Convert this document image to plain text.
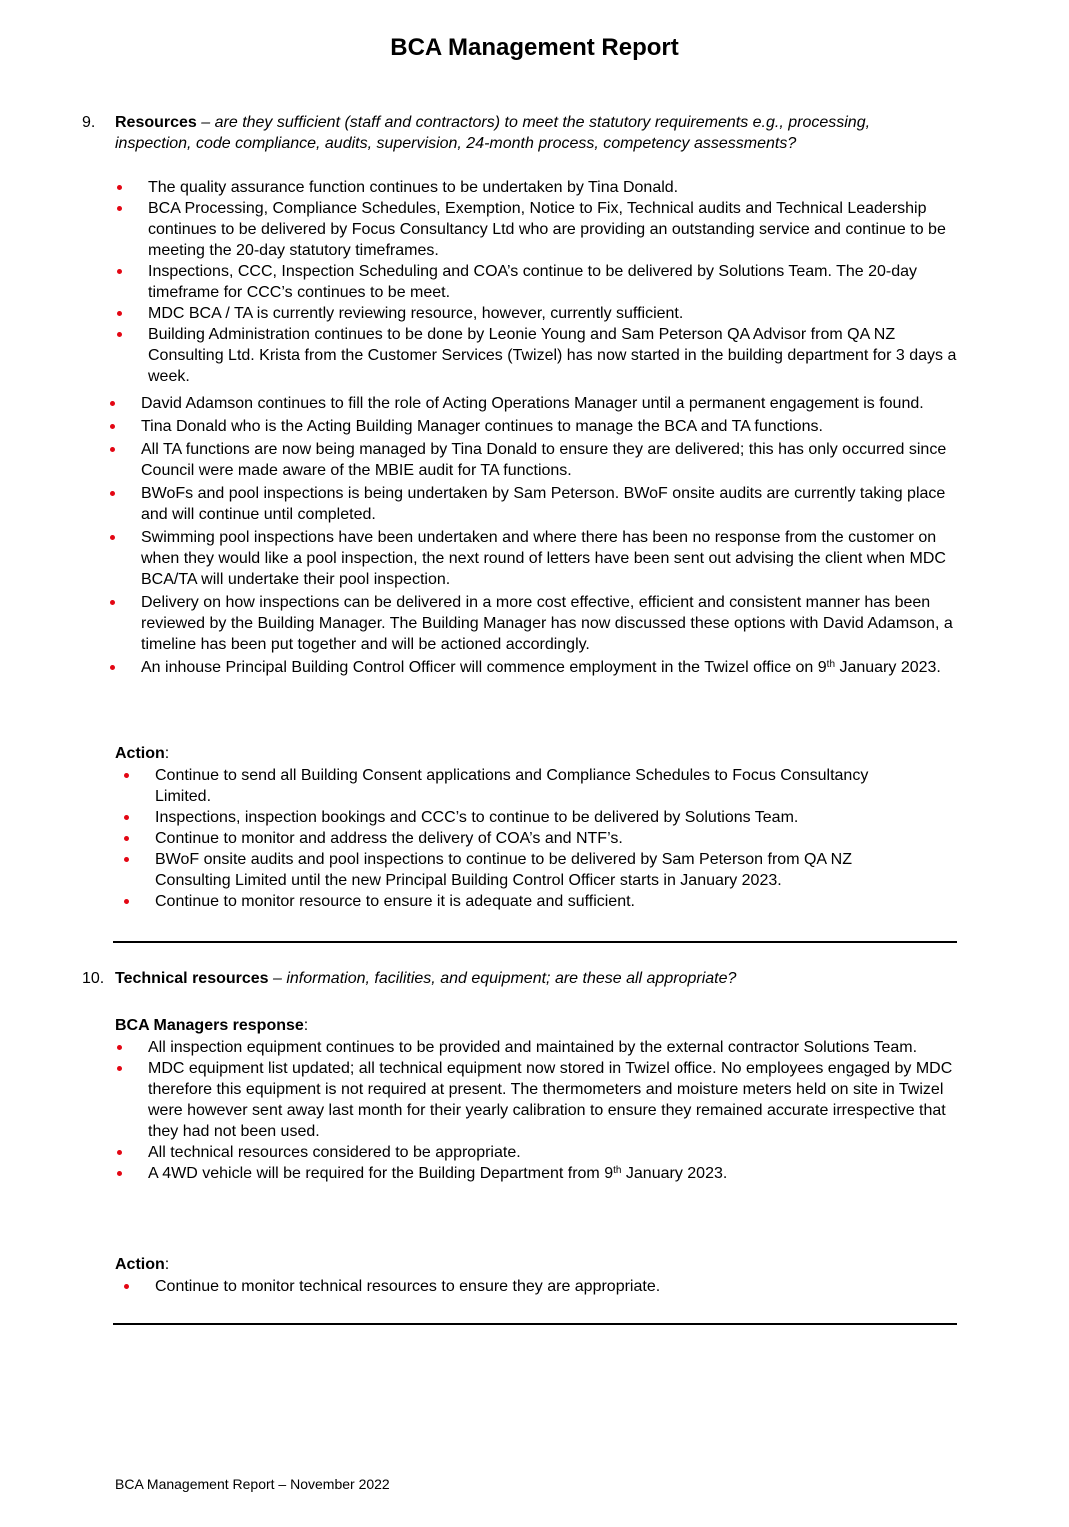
BCA Management Report
9. Resources – are they sufficient (staff and contractors) to meet the statutory requirements e.g., processing, inspection, code compliance, audits, supervision, 24-month process, competency assessments?
The quality assurance function continues to be undertaken by Tina Donald.
BCA Processing, Compliance Schedules, Exemption, Notice to Fix, Technical audits and Technical Leadership continues to be delivered by Focus Consultancy Ltd who are providing an outstanding service and continue to be meeting the 20-day statutory timeframes.
Inspections, CCC, Inspection Scheduling and COA’s continue to be delivered by Solutions Team. The 20-day timeframe for CCC’s continues to be meet.
MDC BCA / TA is currently reviewing resource, however, currently sufficient.
Building Administration continues to be done by Leonie Young and Sam Peterson QA Advisor from QA NZ Consulting Ltd. Krista from the Customer Services (Twizel) has now started in the building department for 3 days a week.
David Adamson continues to fill the role of Acting Operations Manager until a permanent engagement is found.
Tina Donald who is the Acting Building Manager continues to manage the BCA and TA functions.
All TA functions are now being managed by Tina Donald to ensure they are delivered; this has only occurred since Council were made aware of the MBIE audit for TA functions.
BWoFs and pool inspections is being undertaken by Sam Peterson. BWoF onsite audits are currently taking place and will continue until completed.
Swimming pool inspections have been undertaken and where there has been no response from the customer on when they would like a pool inspection, the next round of letters have been sent out advising the client when MDC BCA/TA will undertake their pool inspection.
Delivery on how inspections can be delivered in a more cost effective, efficient and consistent manner has been reviewed by the Building Manager. The Building Manager has now discussed these options with David Adamson, a timeline has been put together and will be actioned accordingly.
An inhouse Principal Building Control Officer will commence employment in the Twizel office on 9th January 2023.
Action:
Continue to send all Building Consent applications and Compliance Schedules to Focus Consultancy Limited.
Inspections, inspection bookings and CCC’s to continue to be delivered by Solutions Team.
Continue to monitor and address the delivery of COA’s and NTF’s.
BWoF onsite audits and pool inspections to continue to be delivered by Sam Peterson from QA NZ Consulting Limited until the new Principal Building Control Officer starts in January 2023.
Continue to monitor resource to ensure it is adequate and sufficient.
10. Technical resources – information, facilities, and equipment; are these all appropriate?
BCA Managers response:
All inspection equipment continues to be provided and maintained by the external contractor Solutions Team.
MDC equipment list updated; all technical equipment now stored in Twizel office. No employees engaged by MDC therefore this equipment is not required at present. The thermometers and moisture meters held on site in Twizel were however sent away last month for their yearly calibration to ensure they remained accurate irrespective that they had not been used.
All technical resources considered to be appropriate.
A 4WD vehicle will be required for the Building Department from 9th January 2023.
Action:
Continue to monitor technical resources to ensure they are appropriate.
BCA Management Report – November 2022
